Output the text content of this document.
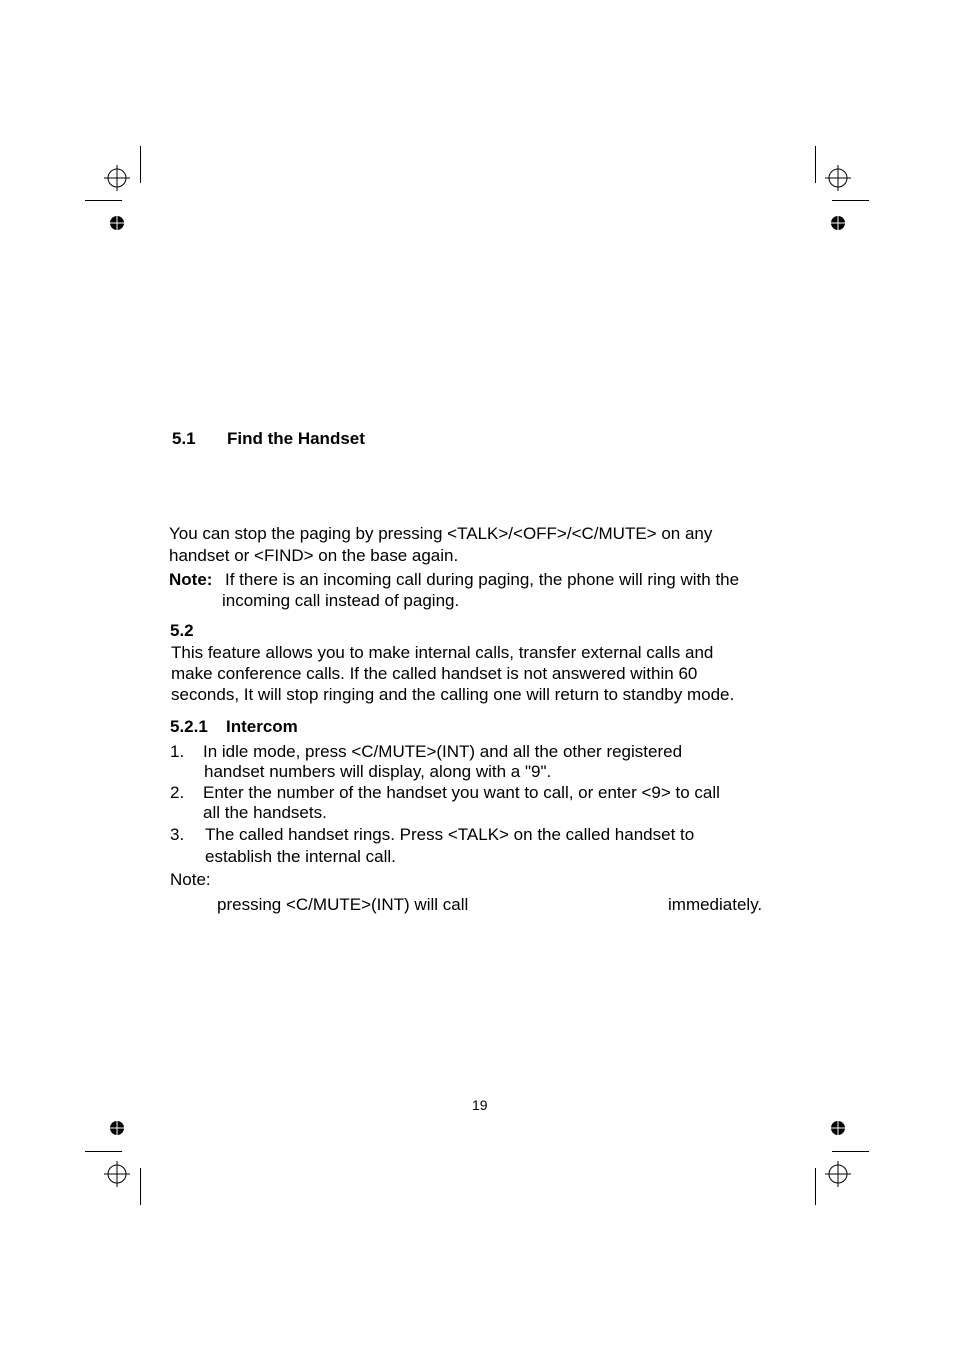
5.1 Find the Handset
You can stop the paging by pressing <TALK>/<OFF>/<C/MUTE> on any
handset or <FIND> on the base again.
Note: If there is an incoming call during paging, the phone will ring with the
incoming call instead of paging.
5.2
This feature allows you to make internal calls, transfer external calls and
make conference calls. If the called handset is not answered within 60
seconds, It will stop ringing and the calling one will return to standby mode.
5.2.1 Intercom
1. In idle mode, press <C/MUTE>(INT) and all the other registered
handset numbers will display, along with a "9".
2. Enter the number of the handset you want to call, or enter <9> to call
all the handsets.
3. The called handset rings. Press <TALK> on the called handset to
establish the internal call.
Note:
pressing <C/MUTE>(INT) will call	immediately.
19
